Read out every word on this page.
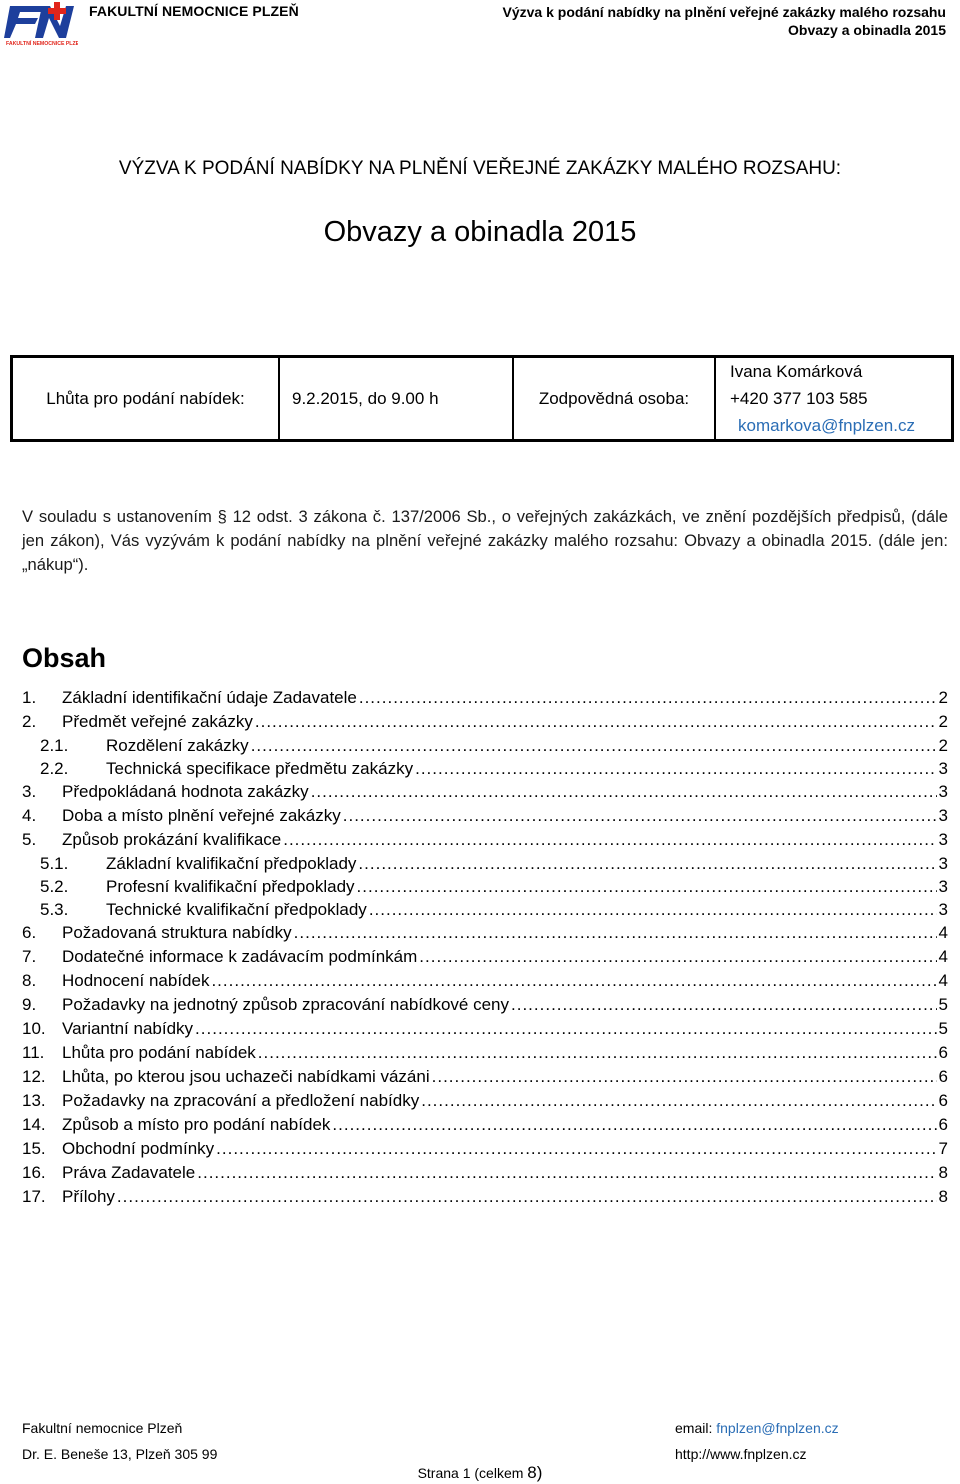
FAKULTNÍ NEMOCNICE PLZEŇ
FAKULTNÍ NEMOCNICE PLZEŇ	Výzva k podání nabídky na plnění veřejné zakázky malého rozsahu
Obvazy a obinadla 2015
VÝZVA K PODÁNÍ NABÍDKY NA PLNĚNÍ VEŘEJNÉ ZAKÁZKY MALÉHO ROZSAHU:
Obvazy a obinadla 2015
Lhůta pro podání nabídek:	9.2.2015, do 9.00 h	Zodpovědná osoba:	
Ivana Komárková
+420 377 103 585
komarkova@fnplzen.cz
V souladu s ustanovením § 12 odst. 3 zákona č. 137/2006 Sb., o veřejných zakázkách, ve znění pozdějších předpisů, (dále jen zákon), Vás vyzývám k podání nabídky na plnění veřejné zakázky malého rozsahu: Obvazy a obinadla 2015. (dále jen: „nákup“).
Obsah
1.	Základní identifikační údaje Zadavatele .....	2
2.	Předmět veřejné zakázky .....	2
2.1.	Rozdělení zakázky .....	2
2.2.	Technická specifikace předmětu zakázky .....	3
3.	Předpokládaná hodnota zakázky .....	3
4.	Doba a místo plnění veřejné zakázky .....	3
5.	Způsob prokázání kvalifikace .....	3
5.1.	Základní kvalifikační předpoklady .....	3
5.2.	Profesní kvalifikační předpoklady .....	3
5.3.	Technické kvalifikační předpoklady .....	3
6.	Požadovaná struktura nabídky .....	4
7.	Dodatečné informace k zadávacím podmínkám .....	4
8.	Hodnocení nabídek .....	4
9.	Požadavky na jednotný způsob zpracování nabídkové ceny .....	5
10. Variantní nabídky .....	5
11.	Lhůta pro podání nabídek .....	6
12. Lhůta, po kterou jsou uchazeči nabídkami vázáni .....	6
13. Požadavky na zpracování a předložení nabídky .....	6
14. Způsob a místo pro podání nabídek .....	6
15. Obchodní podmínky .....	7
16. Práva Zadavatele .....	8
17. Přílohy .....	8
Fakultní nemocnice Plzeň
Dr. E. Beneše 13, Plzeň 305 99
email: fnplzen@fnplzen.cz
http://www.fnplzen.cz
Strana 1 (celkem 8)
